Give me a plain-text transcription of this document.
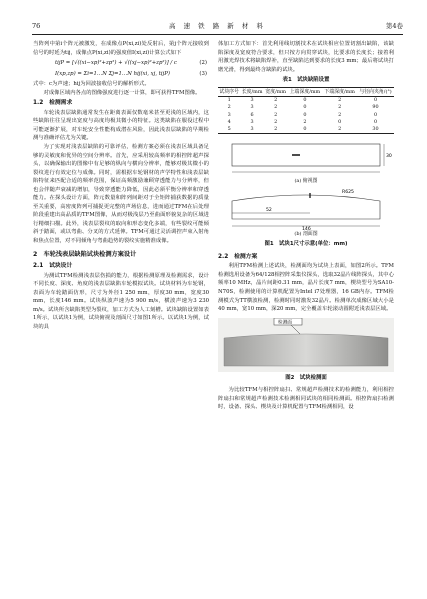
76	高 速 铁 路 新 材 料	第4卷

当阵列中第i个阵元被激发，在成像点P(xi,zi)处反射后，第j个阵元接收到信号的时延为tij，成像点P(xi,zi)的强度值I(xi,zi)计算公式如下

tijP = [√((xi−xp)²+zp²) + √((xj−xp)²+zp²)] / c	(2)
I(xp,zp) = Σi=1…N Σj=1…N hij(xi, xj, tijP)	(3)

式中：c为声速；hij为回波接收信号的解析形式。

对成像区域内各点的图像强度进行逐一计算，即可获得TFM图像。

1.2　检测需求

车轮浅表层缺陷通常发生在距离表面仅数毫米甚至更浅的区域内，这些缺陷往往呈现出宽度与高度均极其微小的特征。这类缺陷在服役过程中可能逐渐扩展，对车轮安全性能构成潜在风险，因此浅表层缺陷的早期检测与准确评估尤为关键。

为了实现对浅表层缺陷的可靠评估，检测方案必须在浅表区域具备足够的灵敏度和优异的空间分辨率。首先，应采用较高频率的相控阵超声探头，以确保输出的图像中有足够的纵向与横向分辨率，能够对极其微小的裂纹进行有效定位与成像。同时，需根据车轮钢材的声学特性和浅表层缺陷特征来匹配合适的频率范围，保证高频激励兼顾穿透能力与分辨率，但也会伴随声衰减的增加，导致穿透能力降低，因此必须平衡分辨率和穿透能力。在探头设计方面，阵元数量和阵列间距对于全矩阵捕获数据的质量至关重要，高密度阵列可捕捉更完整的声场信息，进而通过TFM在后处理阶段重建出高品质的TFM图像，从而对极浅层乃至曲面形貌复杂的区域进行精细扫描。此外，浅表层裂纹的取向和形态变化多端，有些裂纹可能倾斜于踏面，或以弯曲、分叉的方式延伸。TFM可通过灵活调控声束入射角和焦点位置，对不同倾角与弯曲趋势的裂纹实施精准成像。

2　车轮浅表层缺陷试块检测方案设计
2.1　试块设计

为测试TFM检测浅表层伤损的能力，根据检测原理及检测需求，设计不同长度、深度、角度的浅表层缺陷车轮模拟试块。试块材料为车轮钢，表面为车轮踏面仿形，尺寸为外径1 250 mm，厚度30 mm，宽度30 mm，长度146 mm。试块纵波声速为5 900 m/s，横波声速为3 230 m/s。试块所含缺陷类型为裂纹，加工方式为人工刻槽。试块缺陷设置如表1所示，以试块1为例，试块俯视及剖面尺寸如图1所示。以试块1为例，试块的具

体加工方式如下：首先利用线切割技术在试块相应位置切割出缺陷，该缺陷深度及宽度符合要求，但只按方向贯穿试块，比要求的长度长；接着利用激光焊技术将缺陷焊补，直至缺陷达到要求的长度3 mm；最后将试块打磨光滑，得到最终含缺陷的试块。

表1　试块缺陷设置
试块序号	长度/mm	宽度/mm	上端深度/mm	下端深度/mm	与径向夹角/(°)
1	3	2	0	2	0
2	3	2	0	2	90
3	6	2	0	2	0
4	3	2	2	0	0
5	3	2	0	2	30
30
(a) 俯视图
R625
146
52
(b) 剖面图
图1　试块1尺寸示意(单位：mm)
2.2　检测方案

利用TFM检测上述试块，检测面均为试块上表面，如图2所示。TFM检测选用设备为64/128相控阵采集仪探头，选取32晶片线阵探头，其中心频率10 MHz，晶片间距0.31 mm，晶片长度7 mm，楔块型号为SA10-N70S，检测使用的计算机配置为Intel i7处理器，16 GB内存。TFM检测模式为TT横波检测，检测时同时激发32晶片。检测单次成像区域大小是40 mm，宽10 mm，深20 mm，完全覆盖车轮滚动圆附近浅表层区域。

检测面
图2　试块检测面

为比较TFM与相控阵扇扫、常规超声检测技术的检测能力，利用相控阵扇扫和常规超声检测技术检测相同试块的相同检测面。相控阵扇扫检测时，设备、探头、楔块及计算机配置与TFM检测相同，设
